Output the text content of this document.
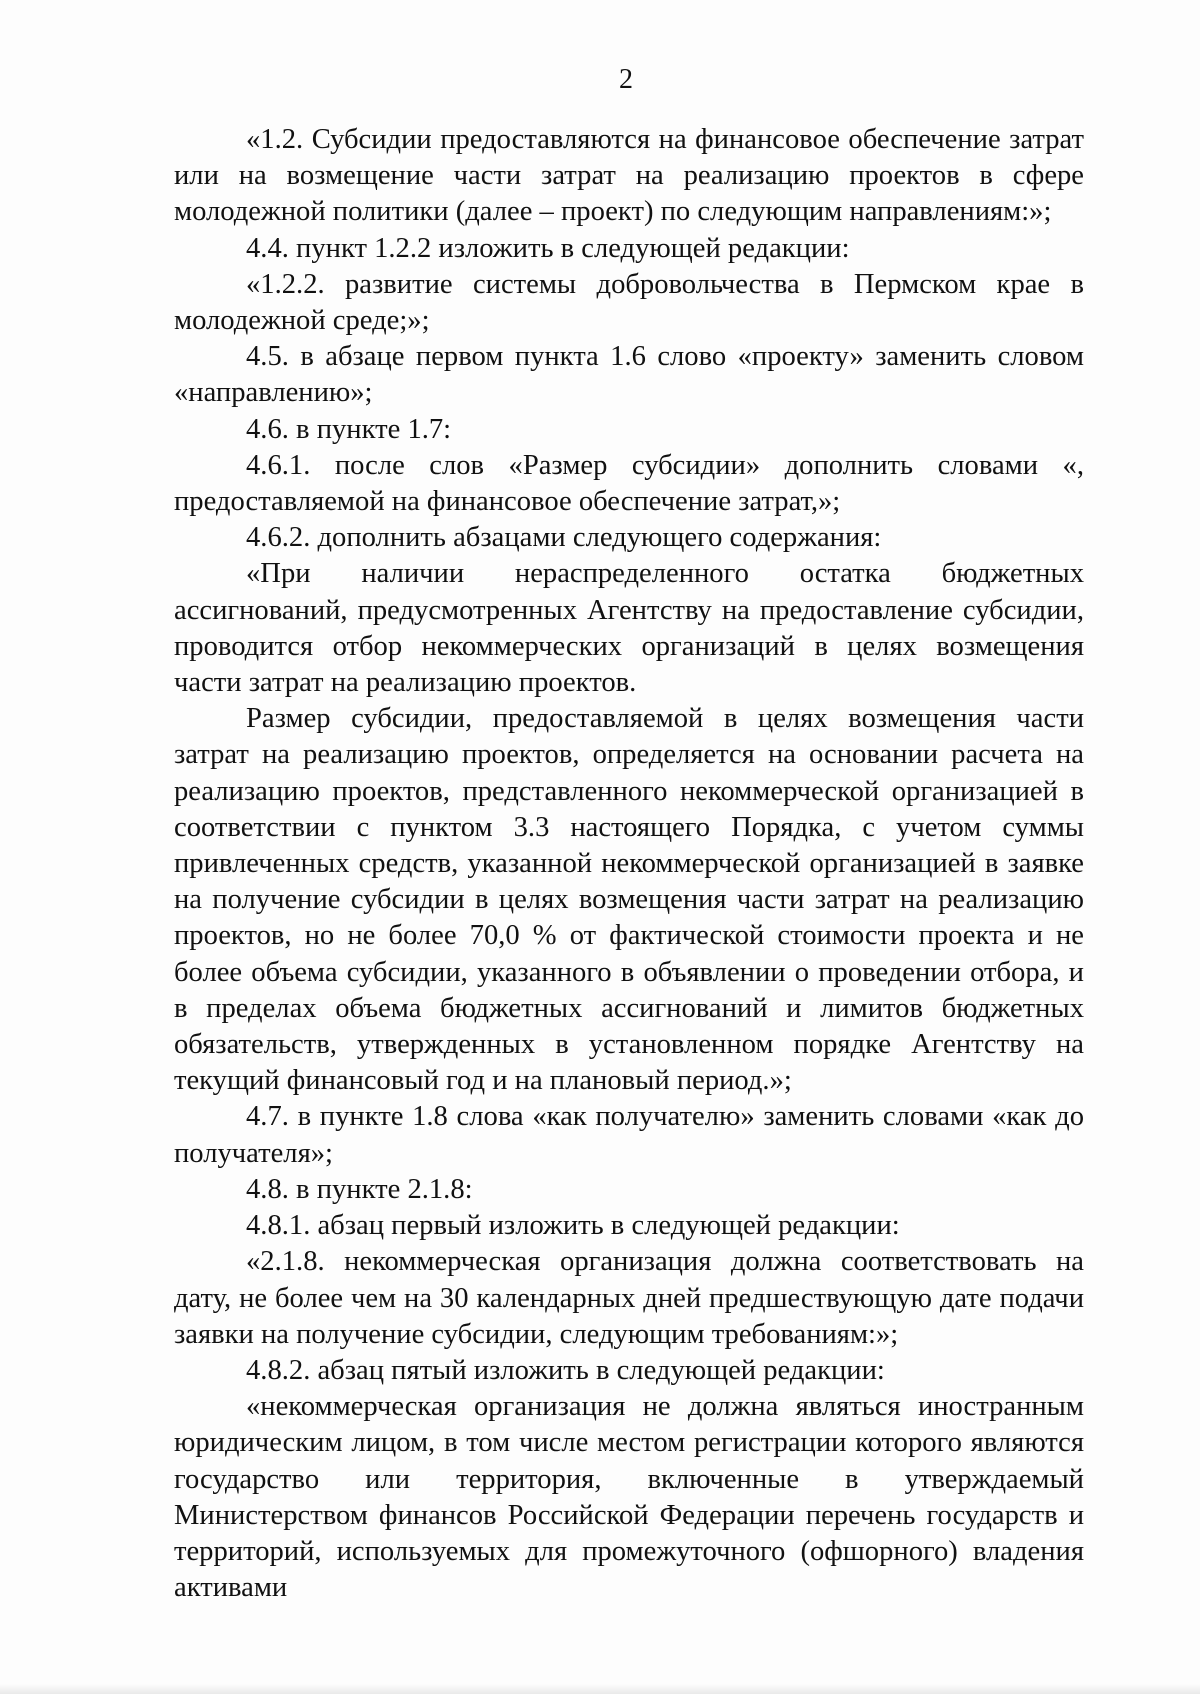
2

«1.2. Субсидии предоставляются на финансовое обеспечение затрат или на возмещение части затрат на реализацию проектов в сфере молодежной политики (далее – проект) по следующим направлениям:»;

4.4. пункт 1.2.2 изложить в следующей редакции:

«1.2.2. развитие системы добровольчества в Пермском крае в молодежной среде;»;

4.5. в абзаце первом пункта 1.6 слово «проекту» заменить словом «направлению»;

4.6. в пункте 1.7:

4.6.1. после слов «Размер субсидии» дополнить словами «, предоставляемой на финансовое обеспечение затрат,»;

4.6.2. дополнить абзацами следующего содержания:

«При наличии нераспределенного остатка бюджетных ассигнований, предусмотренных Агентству на предоставление субсидии, проводится отбор некоммерческих организаций в целях возмещения части затрат на реализацию проектов.

Размер субсидии, предоставляемой в целях возмещения части затрат на реализацию проектов, определяется на основании расчета на реализацию проектов, представленного некоммерческой организацией в соответствии с пунктом 3.3 настоящего Порядка, с учетом суммы привлеченных средств, указанной некоммерческой организацией в заявке на получение субсидии в целях возмещения части затрат на реализацию проектов, но не более 70,0 % от фактической стоимости проекта и не более объема субсидии, указанного в объявлении о проведении отбора, и в пределах объема бюджетных ассигнований и лимитов бюджетных обязательств, утвержденных в установленном порядке Агентству на текущий финансовый год и на плановый период.»;

4.7. в пункте 1.8 слова «как получателю» заменить словами «как до получателя»;

4.8. в пункте 2.1.8:

4.8.1. абзац первый изложить в следующей редакции:

«2.1.8. некоммерческая организация должна соответствовать на дату, не более чем на 30 календарных дней предшествующую дате подачи заявки на получение субсидии, следующим требованиям:»;

4.8.2. абзац пятый изложить в следующей редакции:

«некоммерческая организация не должна являться иностранным юридическим лицом, в том числе местом регистрации которого являются государство или территория, включенные в утверждаемый Министерством финансов Российской Федерации перечень государств и территорий, используемых для промежуточного (офшорного) владения активами
